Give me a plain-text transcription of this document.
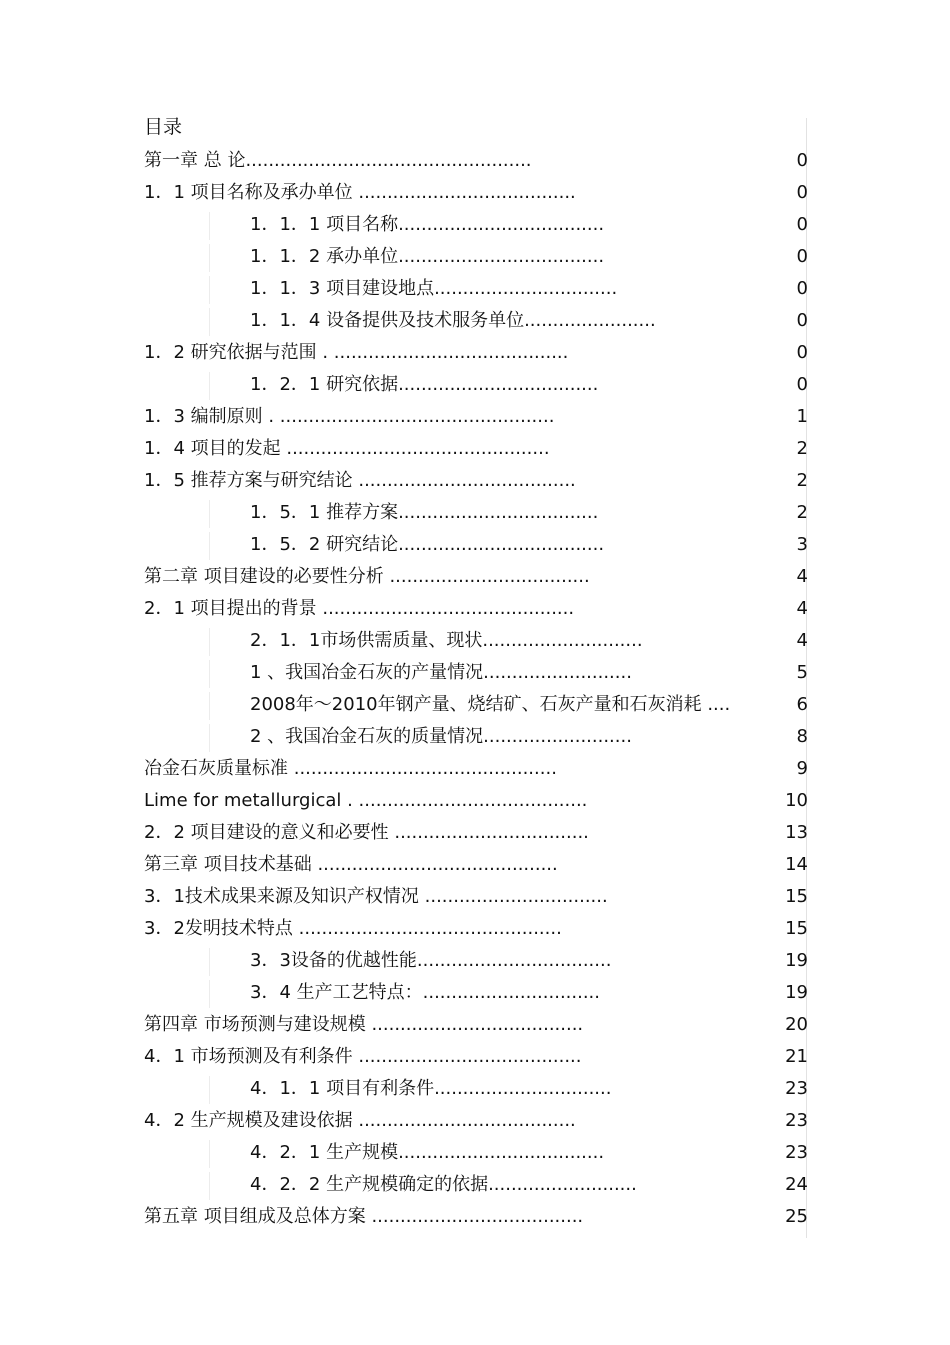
目录
第一章 总 论..................................................	0
1．1 项目名称及承办单位 ......................................	0
1．1．1 项目名称....................................	0
1．1．2 承办单位....................................	0
1．1．3 项目建设地点................................	0
1．1．4 设备提供及技术服务单位.......................	0
1．2 研究依据与范围 . .........................................	0
1．2．1 研究依据...................................	0
1．3 编制原则 . ................................................	1
1．4 项目的发起 ..............................................	2
1．5 推荐方案与研究结论 ......................................	2
1．5．1 推荐方案...................................	2
1．5．2 研究结论....................................	3
第二章 项目建设的必要性分析 ...................................	4
2．1 项目提出的背景 ............................................	4
2．1．1市场供需质量、现状............................	4
1 、我国冶金石灰的产量情况..........................	5
2008年～2010年钢产量、烧结矿、石灰产量和石灰消耗 ....	6
2 、我国冶金石灰的质量情况..........................	8
冶金石灰质量标准 ..............................................	9
Lime for metallurgical . ........................................	10
2．2 项目建设的意义和必要性 ..................................	13
第三章 项目技术基础 ..........................................	14
3．1技术成果来源及知识产权情况 ................................	15
3．2发明技术特点 ..............................................	15
3．3设备的优越性能..................................	19
3．4 生产工艺特点：...............................	19
第四章 市场预测与建设规模 .....................................	20
4．1 市场预测及有利条件 .......................................	21
4．1．1 项目有利条件...............................	23
4．2 生产规模及建设依据 ......................................	23
4．2．1 生产规模....................................	23
4．2．2 生产规模确定的依据..........................	24
第五章 项目组成及总体方案 .....................................	25
